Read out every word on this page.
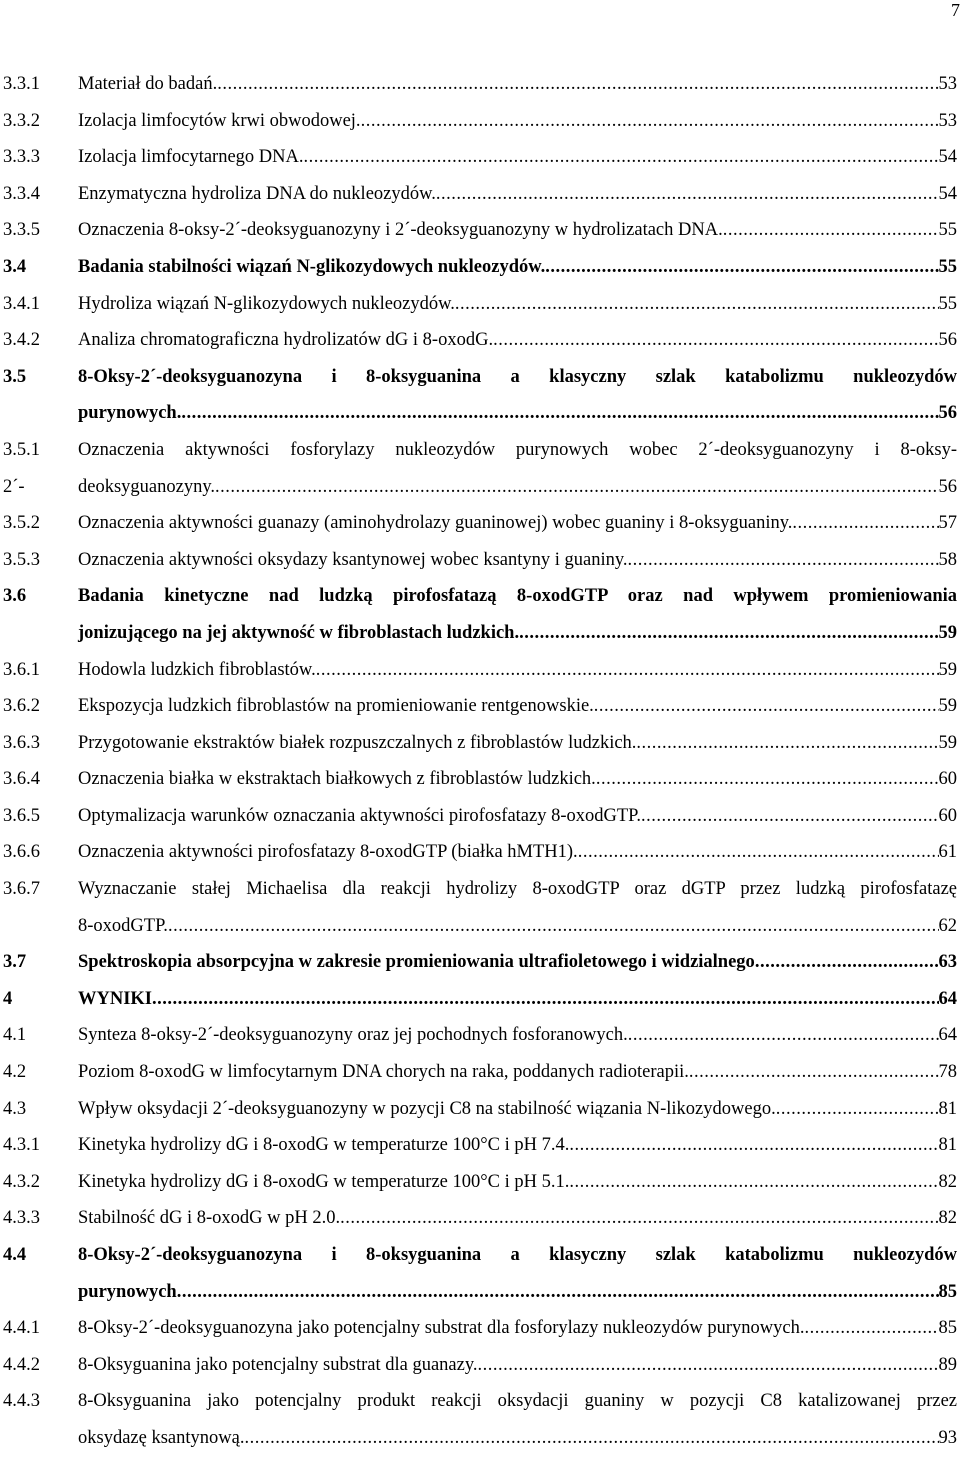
7
3.3.1 Materiał do badań. .....	53
3.3.2 Izolacja limfocytów krwi obwodowej. .....	53
3.3.3 Izolacja limfocytarnego DNA. .....	54
3.3.4 Enzymatyczna hydroliza DNA do nukleozydów. .....	54
3.3.5 Oznaczenia 8-oksy-2´-deoksyguanozyny i 2´-deoksyguanozyny w hydrolizatach DNA. .....	55
3.4	Badania stabilności wiązań N-glikozydowych nukleozydów. .....	55
3.4.1 Hydroliza wiązań N-glikozydowych nukleozydów. .....	55
3.4.2 Analiza chromatograficzna hydrolizatów dG i 8-oxodG. .....	56
3.5	8-Oksy-2´-deoksyguanozyna i 8-oksyguanina a klasyczny szlak katabolizmu nukleozydów
purynowych. .....	56
3.5.1 Oznaczenia aktywności fosforylazy nukleozydów purynowych wobec 2´-deoksyguanozyny i 8-oksy-
2´-	deoksyguanozyny. .....	56
3.5.2 Oznaczenia aktywności guanazy (aminohydrolazy guaninowej) wobec guaniny i 8-oksyguaniny. .....	57
3.5.3 Oznaczenia aktywności oksydazy ksantynowej wobec ksantyny i guaniny. .....	58
3.6	Badania kinetyczne nad ludzką pirofosfatazą 8-oxodGTP oraz nad wpływem promieniowania
jonizującego na jej aktywność w fibroblastach ludzkich. .....	59
3.6.1 Hodowla ludzkich fibroblastów. .....	59
3.6.2 Ekspozycja ludzkich fibroblastów na promieniowanie rentgenowskie. .....	59
3.6.3 Przygotowanie ekstraktów białek rozpuszczalnych z fibroblastów ludzkich. .....	59
3.6.4 Oznaczenia białka w ekstraktach białkowych z fibroblastów ludzkich. .....	60
3.6.5 Optymalizacja warunków oznaczania aktywności pirofosfatazy 8-oxodGTP. .....	60
3.6.6 Oznaczenia aktywności pirofosfatazy 8-oxodGTP (białka hMTH1). .....	61
3.6.7 Wyznaczanie stałej Michaelisa dla reakcji hydrolizy 8-oxodGTP oraz dGTP przez ludzką pirofosfatazę
8-oxodGTP. .....	62
3.7	Spektroskopia absorpcyjna w zakresie promieniowania ultrafioletowego i widzialnego .....	63
4	WYNIKI .....	64
4.1	Synteza 8-oksy-2´-deoksyguanozyny oraz jej pochodnych fosforanowych. .....	64
4.2	Poziom 8-oxodG w limfocytarnym DNA chorych na raka, poddanych radioterapii. .....	78
4.3	Wpływ oksydacji 2´-deoksyguanozyny w pozycji C8 na stabilność wiązania N-likozydowego. .....	81
4.3.1 Kinetyka hydrolizy dG i 8-oxodG w temperaturze 100°C i pH 7.4. .....	81
4.3.2 Kinetyka hydrolizy dG i 8-oxodG w temperaturze 100°C i pH 5.1. .....	82
4.3.3 Stabilność dG i 8-oxodG w pH 2.0. .....	82
4.4	8-Oksy-2´-deoksyguanozyna i 8-oksyguanina a klasyczny szlak katabolizmu nukleozydów
purynowych .....	85
4.4.1 8-Oksy-2´-deoksyguanozyna jako potencjalny substrat dla fosforylazy nukleozydów purynowych. .....	85
4.4.2 8-Oksyguanina jako potencjalny substrat dla guanazy. .....	89
4.4.3 8-Oksyguanina jako potencjalny produkt reakcji oksydacji guaniny w pozycji C8 katalizowanej przez
oksydazę ksantynową. .....	93
